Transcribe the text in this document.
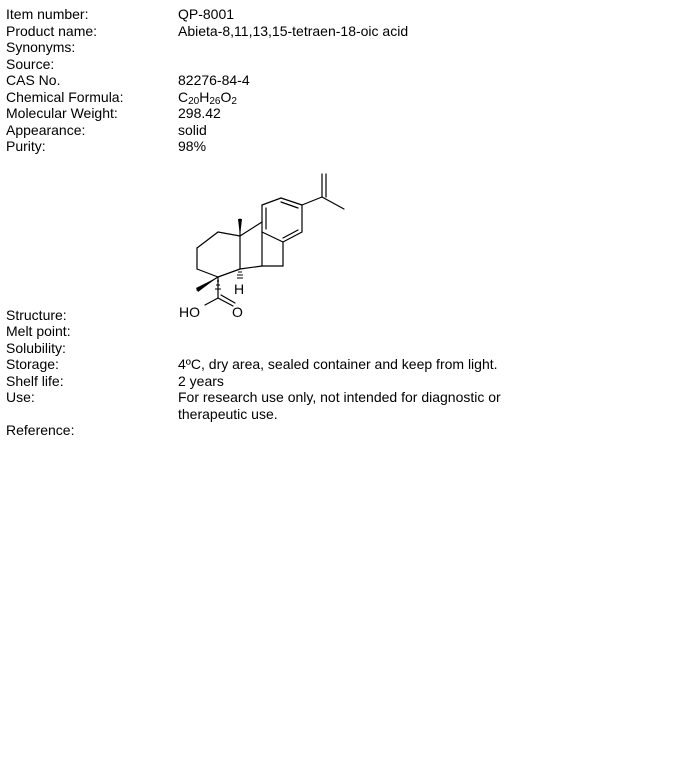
Item number:	QP-8001
Product name:	Abieta-8,11,13,15-tetraen-18-oic acid
Synonyms:
Source:
CAS No.	82276-84-4
Chemical Formula:	$C_{20}H_{26}O_2$
Molecular Weight:	298.42
Appearance:	solid
Purity:	98%
H
HO O
Structure:
Melt point:
Solubility:
Storage:	4ºC, dry area, sealed container and keep from light.
Shelf life:	2 years
Use:	For research use only, not intended for diagnostic or therapeutic use.
Reference:
